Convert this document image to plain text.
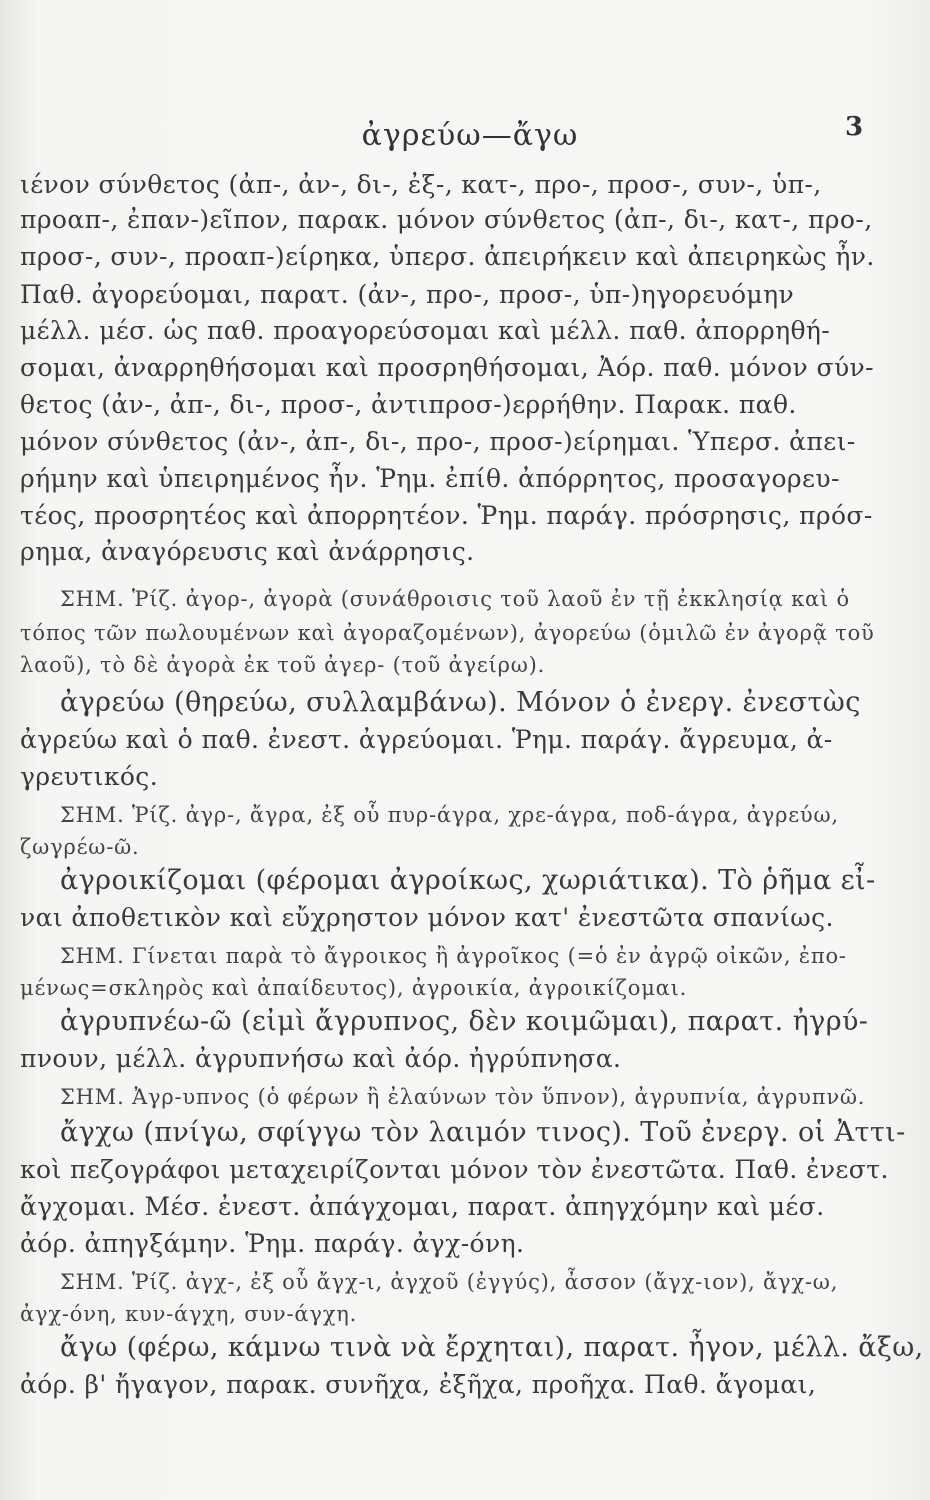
ἀγρεύω—ἄγω	3
ιένον σύνθετος (ἀπ-, ἀν-, δι-, ἐξ-, κατ-, προ-, προσ-, συν-, ὑπ-,
προαπ-, ἐπαν-)εῖπον, παρακ. μόνον σύνθετος (ἀπ-, δι-, κατ-, προ-,
προσ-, συν-, προαπ-)είρηκα, ὑπερσ. ἀπειρήκειν καὶ ἀπειρηκὼς ἦν.
Παθ. ἀγορεύομαι, παρατ. (ἀν-, προ-, προσ-, ὑπ-)ηγορευόμην
μέλλ. μέσ. ὡς παθ. προαγορεύσομαι καὶ μέλλ. παθ. ἀπορρηθή-
σομαι, ἀναρρηθήσομαι καὶ προσρηθήσομαι, Ἀόρ. παθ. μόνον σύν-
θετος (ἀν-, ἀπ-, δι-, προσ-, ἀντιπροσ-)ερρήθην. Παρακ. παθ.
μόνον σύνθετος (ἀν-, ἀπ-, δι-, προ-, προσ-)είρημαι. Ὑπερσ. ἀπει-
ρήμην καὶ ὑπειρημένος ἦν. Ῥημ. ἐπίθ. ἀπόρρητος, προσαγορευ-
τέος, προσρητέος καὶ ἀπορρητέον. Ῥημ. παράγ. πρόσρησις, πρόσ-
ρημα, ἀναγόρευσις καὶ ἀνάρρησις.
ΣΗΜ. Ῥίζ. ἀγορ-, ἀγορὰ (συνάθροισις τοῦ λαοῦ ἐν τῇ ἐκκλησίᾳ καὶ ὁ
τόπος τῶν πωλουμένων καὶ ἀγοραζομένων), ἀγορεύω (ὁμιλῶ ἐν ἀγορᾷ τοῦ
λαοῦ), τὸ δὲ ἀγορὰ ἐκ τοῦ ἀγερ- (τοῦ ἀγείρω).
ἀγρεύω (θηρεύω, συλλαμβάνω). Μόνον ὁ ἐνεργ. ἐνεστὼς
ἀγρεύω καὶ ὁ παθ. ἐνεστ. ἀγρεύομαι. Ῥημ. παράγ. ἄγρευμα, ἀ-
γρευτικός.
ΣΗΜ. Ῥίζ. ἀγρ-, ἄγρα, ἐξ οὗ πυρ-άγρα, χρε-άγρα, ποδ-άγρα, ἀγρεύω,
ζωγρέω-ῶ.
ἀγροικίζομαι (φέρομαι ἀγροίκως, χωριάτικα). Τὸ ῥῆμα εἶ-
ναι ἀποθετικὸν καὶ εὔχρηστον μόνον κατ' ἐνεστῶτα σπανίως.
ΣΗΜ. Γίνεται παρὰ τὸ ἄγροικος ἢ ἀγροῖκος (=ὁ ἐν ἀγρῷ οἰκῶν, ἐπο-
μένως=σκληρὸς καὶ ἀπαίδευτος), ἀγροικία, ἀγροικίζομαι.
ἀγρυπνέω-ῶ (εἰμὶ ἄγρυπνος, δὲν κοιμῶμαι), παρατ. ἠγρύ-
πνουν, μέλλ. ἀγρυπνήσω καὶ ἀόρ. ἠγρύπνησα.
ΣΗΜ. Ἀγρ-υπνος (ὁ φέρων ἢ ἐλαύνων τὸν ὕπνον), ἀγρυπνία, ἀγρυπνῶ.
ἄγχω (πνίγω, σφίγγω τὸν λαιμόν τινος). Τοῦ ἐνεργ. οἱ Ἀττι-
κοὶ πεζογράφοι μεταχειρίζονται μόνον τὸν ἐνεστῶτα. Παθ. ἐνεστ.
ἄγχομαι. Μέσ. ἐνεστ. ἀπάγχομαι, παρατ. ἀπηγχόμην καὶ μέσ.
ἀόρ. ἀπηγξάμην. Ῥημ. παράγ. ἀγχ-όνη.
ΣΗΜ. Ῥίζ. ἀγχ-, ἐξ οὗ ἄγχ-ι, ἀγχοῦ (ἐγγύς), ἆσσον (ἄγχ-ιον), ἄγχ-ω,
ἀγχ-όνη, κυν-άγχη, συν-άγχη.
ἄγω (φέρω, κάμνω τινὰ νὰ ἔρχηται), παρατ. ἦγον, μέλλ. ἄξω,
ἀόρ. β' ἤγαγον, παρακ. συνῆχα, ἐξῆχα, προῆχα. Παθ. ἄγομαι,
